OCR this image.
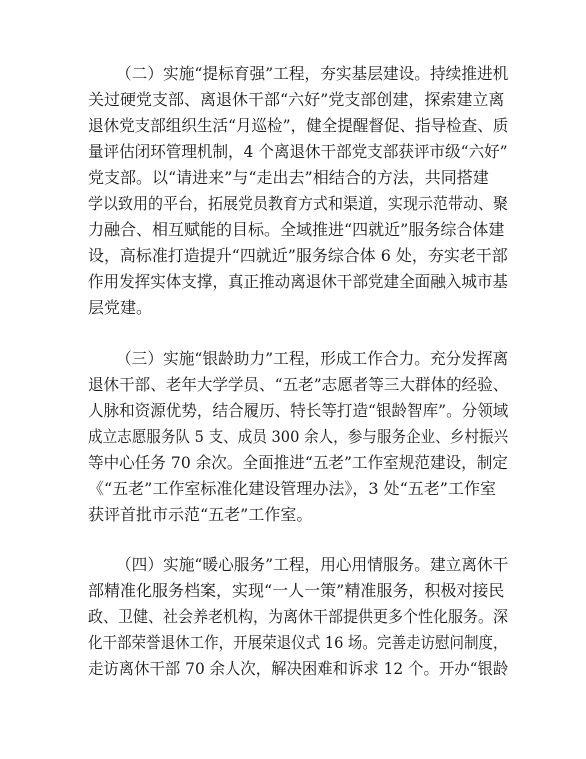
（二）实施“提标育强”工程，夯实基层建设。持续推进机
关过硬党支部、离退休干部“六好”党支部创建，探索建立离
退休党支部组织生活“月巡检”，健全提醒督促、指导检查、质
量评估闭环管理机制，4 个离退休干部党支部获评市级“六好”
党支部。以“请进来”与“走出去”相结合的方法，共同搭建
学以致用的平台，拓展党员教育方式和渠道，实现示范带动、聚
力融合、相互赋能的目标。全域推进“四就近”服务综合体建
设，高标准打造提升“四就近”服务综合体 6 处，夯实老干部
作用发挥实体支撑，真正推动离退休干部党建全面融入城市基
层党建。
（三）实施“银龄助力”工程，形成工作合力。充分发挥离
退休干部、老年大学学员、“五老”志愿者等三大群体的经验、
人脉和资源优势，结合履历、特长等打造“银龄智库”。分领域
成立志愿服务队 5 支、成员 300 余人，参与服务企业、乡村振兴
等中心任务 70 余次。全面推进“五老”工作室规范建设，制定
《“五老”工作室标准化建设管理办法》，3 处“五老”工作室
获评首批市示范“五老”工作室。
（四）实施“暖心服务”工程，用心用情服务。建立离休干
部精准化服务档案，实现“一人一策”精准服务，积极对接民
政、卫健、社会养老机构，为离休干部提供更多个性化服务。深
化干部荣誉退休工作，开展荣退仪式 16 场。完善走访慰问制度，
走访离休干部 70 余人次，解决困难和诉求 12 个。开办“银龄
